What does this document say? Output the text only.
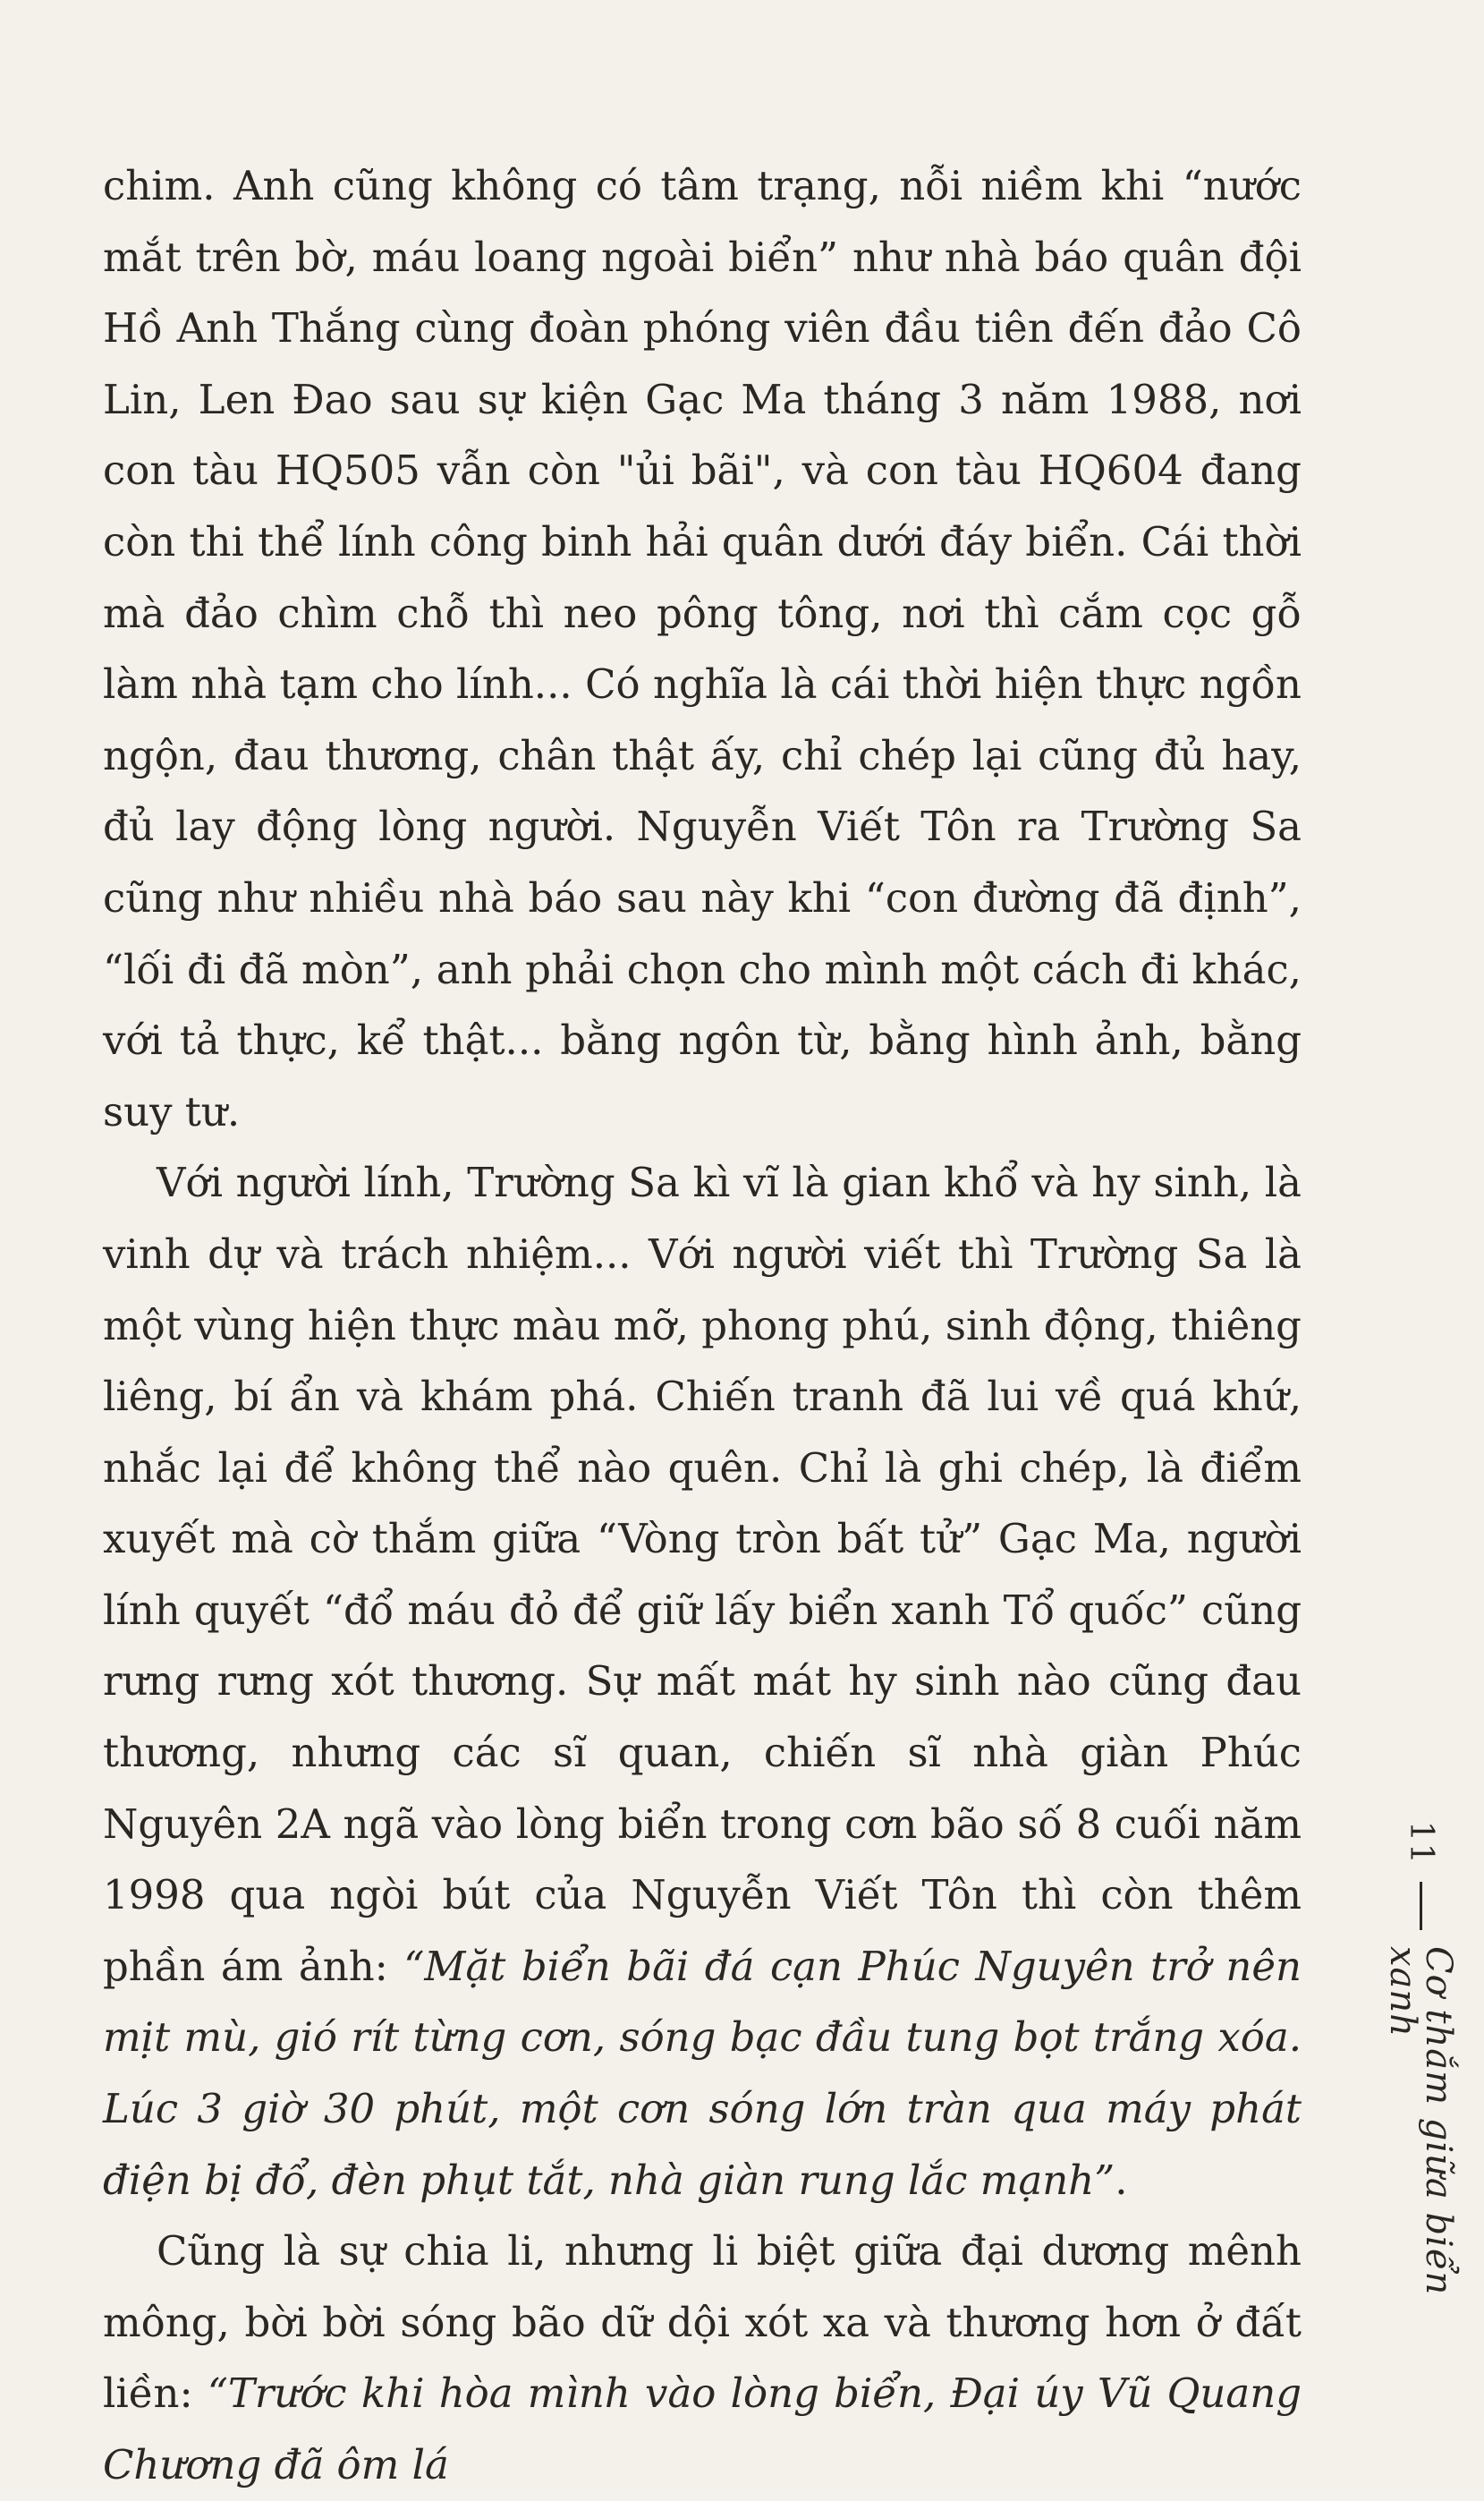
chim. Anh cũng không có tâm trạng, nỗi niềm khi “nước mắt trên bờ, máu loang ngoài biển” như nhà báo quân đội Hồ Anh Thắng cùng đoàn phóng viên đầu tiên đến đảo Cô Lin, Len Đao sau sự kiện Gạc Ma tháng 3 năm 1988, nơi con tàu HQ505 vẫn còn "ủi bãi", và con tàu HQ604 đang còn thi thể lính công binh hải quân dưới đáy biển. Cái thời mà đảo chìm chỗ thì neo pông tông, nơi thì cắm cọc gỗ làm nhà tạm cho lính... Có nghĩa là cái thời hiện thực ngồn ngộn, đau thương, chân thật ấy, chỉ chép lại cũng đủ hay, đủ lay động lòng người. Nguyễn Viết Tôn ra Trường Sa cũng như nhiều nhà báo sau này khi “con đường đã định”, “lối đi đã mòn”, anh phải chọn cho mình một cách đi khác, với tả thực, kể thật... bằng ngôn từ, bằng hình ảnh, bằng suy tư.

Với người lính, Trường Sa kì vĩ là gian khổ và hy sinh, là vinh dự và trách nhiệm... Với người viết thì Trường Sa là một vùng hiện thực màu mỡ, phong phú, sinh động, thiêng liêng, bí ẩn và khám phá. Chiến tranh đã lui về quá khứ, nhắc lại để không thể nào quên. Chỉ là ghi chép, là điểm xuyết mà cờ thắm giữa “Vòng tròn bất tử” Gạc Ma, người lính quyết “đổ máu đỏ để giữ lấy biển xanh Tổ quốc” cũng rưng rưng xót thương. Sự mất mát hy sinh nào cũng đau thương, nhưng các sĩ quan, chiến sĩ nhà giàn Phúc Nguyên 2A ngã vào lòng biển trong cơn bão số 8 cuối năm 1998 qua ngòi bút của Nguyễn Viết Tôn thì còn thêm phần ám ảnh: “Mặt biển bãi đá cạn Phúc Nguyên trở nên mịt mù, gió rít từng cơn, sóng bạc đầu tung bọt trắng xóa. Lúc 3 giờ 30 phút, một cơn sóng lớn tràn qua máy phát điện bị đổ, đèn phụt tắt, nhà giàn rung lắc mạnh”.

Cũng là sự chia li, nhưng li biệt giữa đại dương mênh mông, bời bời sóng bão dữ dội xót xa và thương hơn ở đất liền: “Trước khi hòa mình vào lòng biển, Đại úy Vũ Quang Chương đã ôm lá

11
Cơ thắm giữa biển xanh
